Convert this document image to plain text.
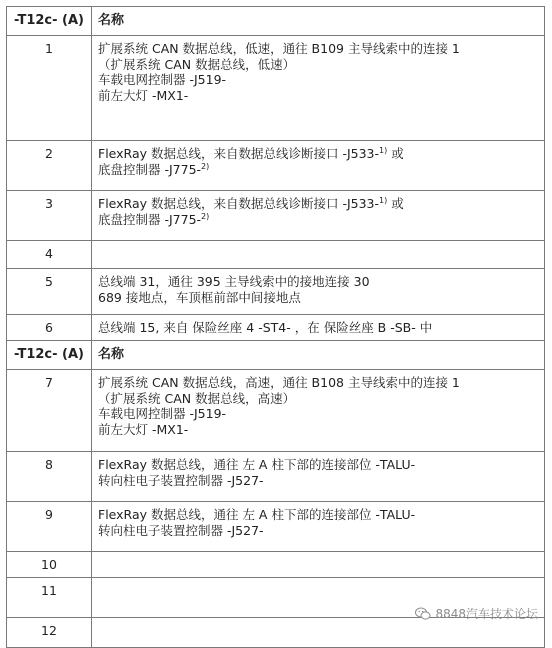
-T12c- (A)	名称
1	扩展系统 CAN 数据总线，低速，通往 B109 主导线索中的连接 1
（扩展系统 CAN 数据总线，低速）
车载电网控制器 -J519-
前左大灯 -MX1-

2	FlexRay 数据总线，来自数据总线诊断接口 -J533-$^{1)}$ 或
底盘控制器 -J775-$^{2)}$

3	FlexRay 数据总线，来自数据总线诊断接口 -J533-$^{1)}$ 或
底盘控制器 -J775-$^{2)}$

4	
5	总线端 31，通往 395 主导线索中的接地连接 30
689 接地点，车顶框前部中间接地点

6	总线端 15, 来自 保险丝座 4 -ST4- ，在 保险丝座 B -SB- 中

-T12c- (A)	名称
7	扩展系统 CAN 数据总线，高速，通往 B108 主导线索中的连接 1
（扩展系统 CAN 数据总线，高速）
车载电网控制器 -J519-
前左大灯 -MX1-

8	FlexRay 数据总线，通往 左 A 柱下部的连接部位 -TALU-
转向柱电子装置控制器 -J527-

9	FlexRay 数据总线，通往 左 A 柱下部的连接部位 -TALU-
转向柱电子装置控制器 -J527-

10	
11	
12	
8848汽车技术论坛
